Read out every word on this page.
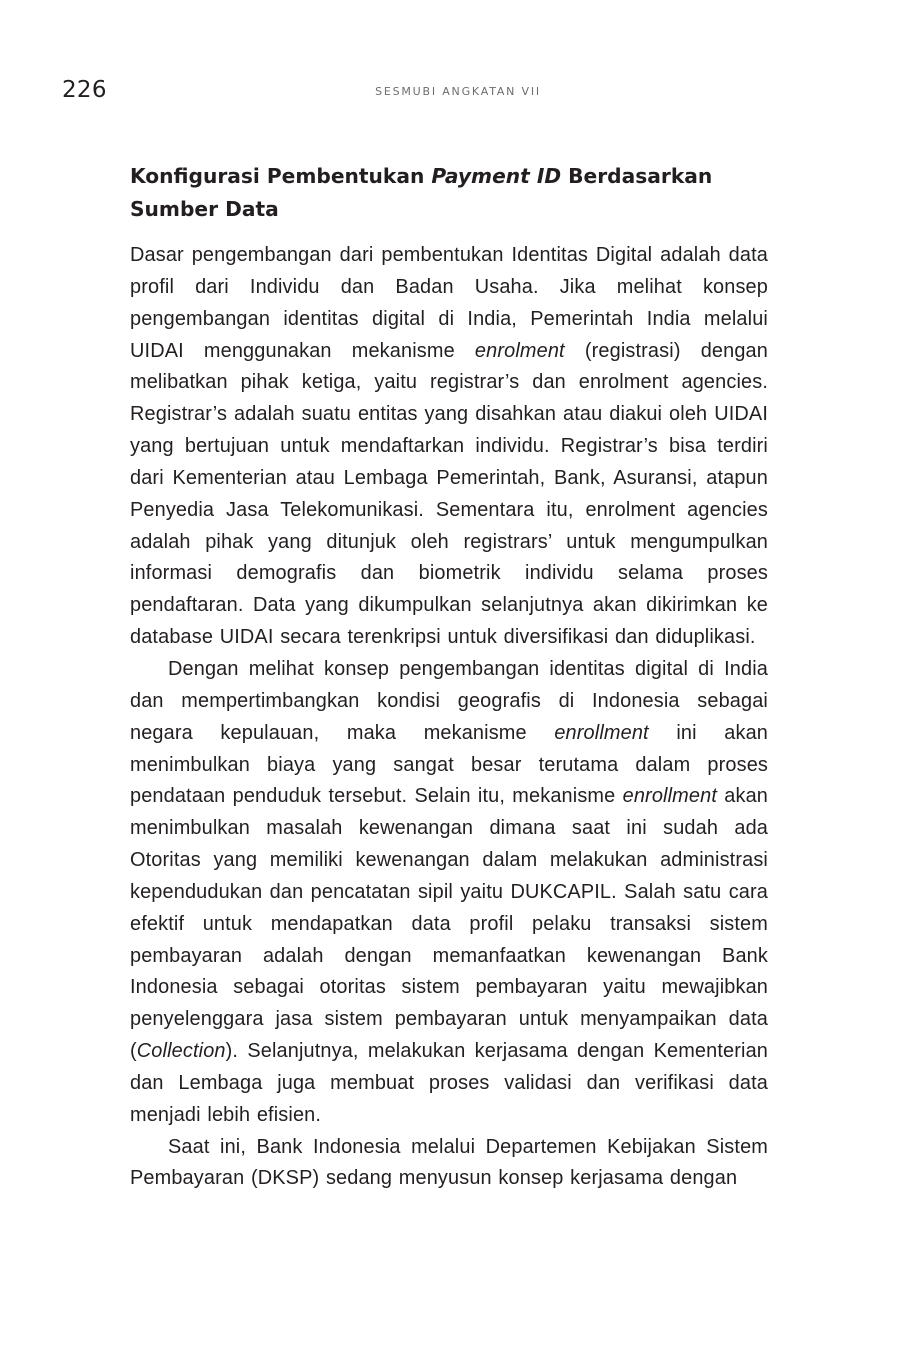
226	SESMUBI ANGKATAN VII
Konfigurasi Pembentukan Payment ID Berdasarkan Sumber Data

Dasar pengembangan dari pembentukan Identitas Digital adalah data profil dari Individu dan Badan Usaha. Jika melihat konsep pengembangan identitas digital di India, Pemerintah India melalui UIDAI menggunakan mekanisme enrolment (registrasi) dengan melibatkan pihak ketiga, yaitu registrar’s dan enrolment agencies. Registrar’s adalah suatu entitas yang disahkan atau diakui oleh UIDAI yang bertujuan untuk mendaftarkan individu. Registrar’s bisa terdiri dari Kementerian atau Lembaga Pemerintah, Bank, Asuransi, atapun Penyedia Jasa Telekomunikasi. Sementara itu, enrolment agencies adalah pihak yang ditunjuk oleh registrars’ untuk mengumpulkan informasi demografis dan biometrik individu selama proses pendaftaran. Data yang dikumpulkan selanjutnya akan dikirimkan ke database UIDAI secara terenkripsi untuk diversifikasi dan diduplikasi.

Dengan melihat konsep pengembangan identitas digital di India dan mempertimbangkan kondisi geografis di Indonesia sebagai negara kepulauan, maka mekanisme enrollment ini akan menimbulkan biaya yang sangat besar terutama dalam proses pendataan penduduk tersebut. Selain itu, mekanisme enrollment akan menimbulkan masalah kewenangan dimana saat ini sudah ada Otoritas yang memiliki kewenangan dalam melakukan administrasi kependudukan dan pencatatan sipil yaitu DUKCAPIL. Salah satu cara efektif untuk mendapatkan data profil pelaku transaksi sistem pembayaran adalah dengan memanfaatkan kewenangan Bank Indonesia sebagai otoritas sistem pembayaran yaitu mewajibkan penyelenggara jasa sistem pembayaran untuk menyampaikan data (Collection). Selanjutnya, melakukan kerjasama dengan Kementerian dan Lembaga juga membuat proses validasi dan verifikasi data menjadi lebih efisien.

Saat ini, Bank Indonesia melalui Departemen Kebijakan Sistem Pembayaran (DKSP) sedang menyusun konsep kerjasama dengan
